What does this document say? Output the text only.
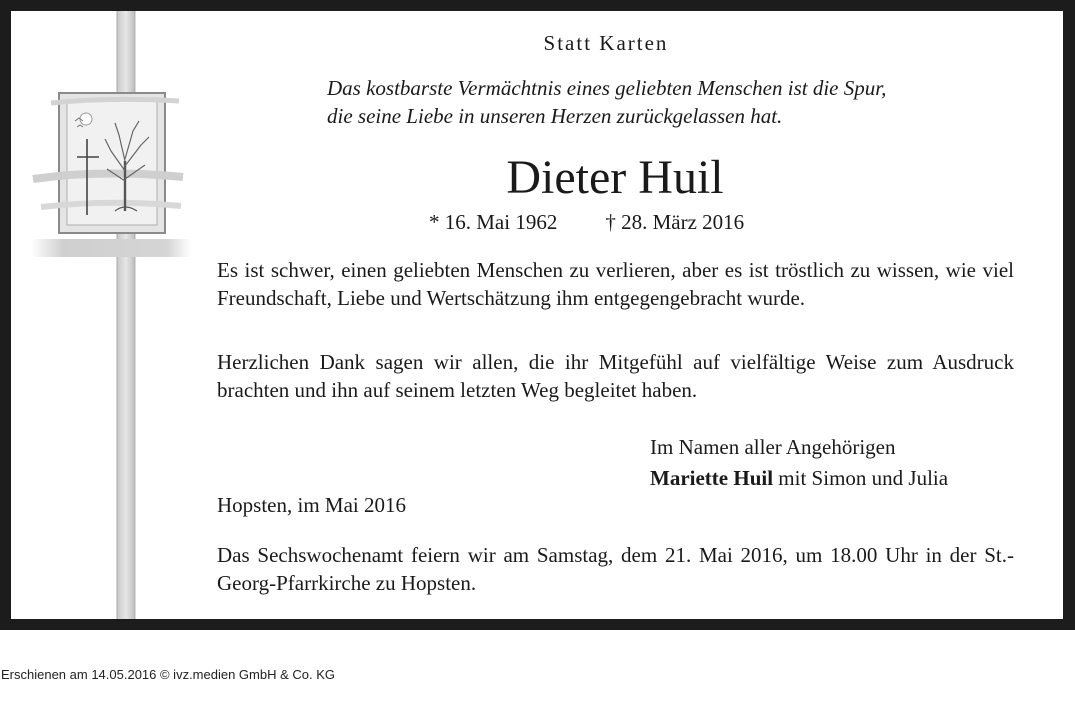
Statt Karten
Das kostbarste Vermächtnis eines geliebten Menschen ist die Spur,
die seine Liebe in unseren Herzen zurückgelassen hat.
Dieter Huil
* 16. Mai 1962 † 28. März 2016
Es ist schwer, einen geliebten Menschen zu verlieren, aber es ist tröstlich zu wissen, wie viel Freundschaft, Liebe und Wertschätzung ihm entgegengebracht wurde.
Herzlichen Dank sagen wir allen, die ihr Mitgefühl auf vielfältige Weise zum Ausdruck brachten und ihn auf seinem letzten Weg begleitet haben.
Im Namen aller Angehörigen
Mariette Huil mit Simon und Julia
Hopsten, im Mai 2016
Das Sechswochenamt feiern wir am Samstag, dem 21. Mai 2016, um 18.00 Uhr in der St.-Georg-Pfarrkirche zu Hopsten.
Erschienen am 14.05.2016 © ivz.medien GmbH & Co. KG
